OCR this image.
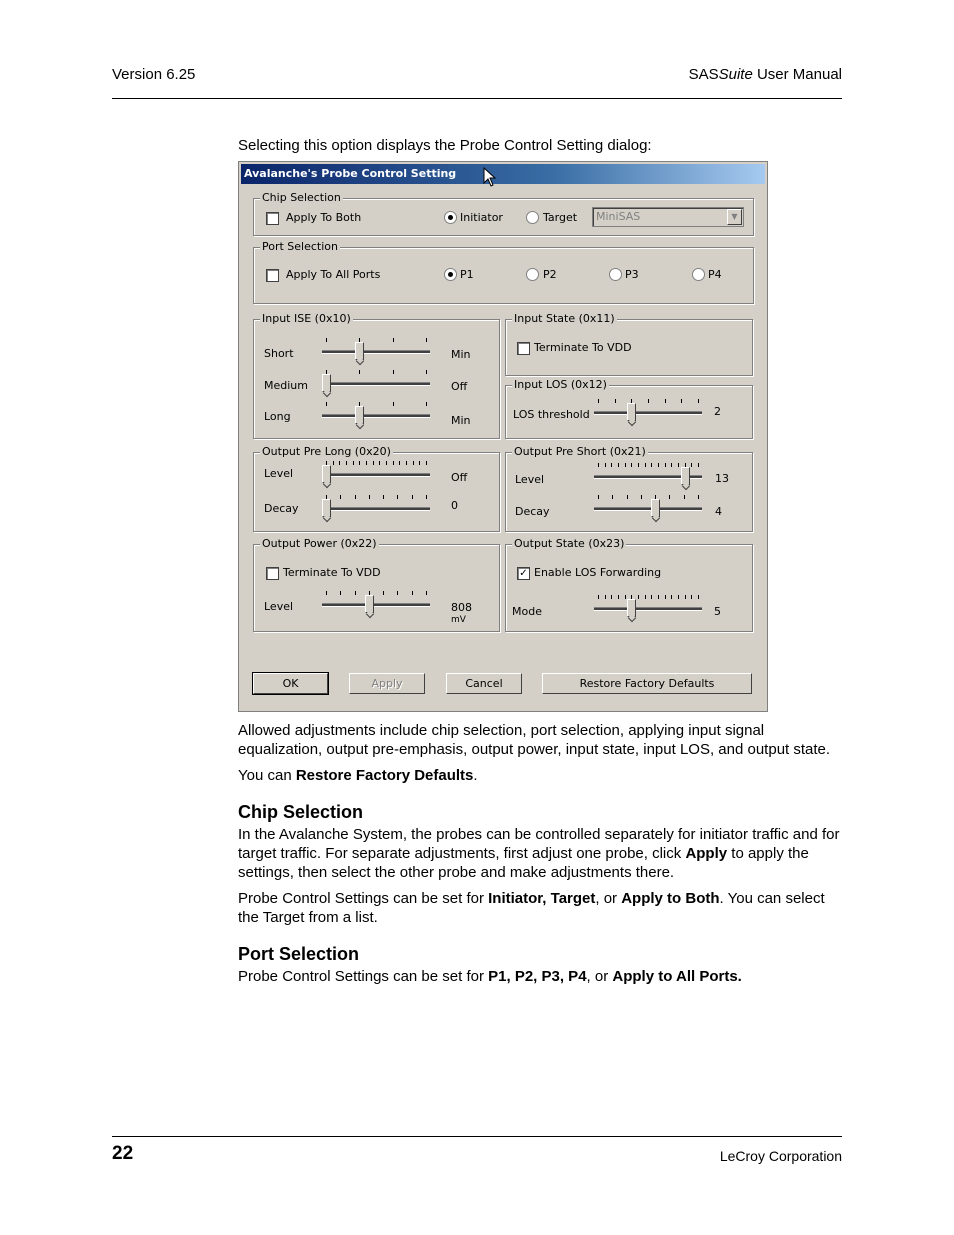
Version 6.25	SASSuite User Manual
Selecting this option displays the Probe Control Setting dialog:
Avalanche's Probe Control Setting
Chip Selection
Apply To Both	Initiator	Target MiniSAS	▼
Port Selection
Apply To All Ports	P1	P2	P3	P4
Input ISE (0x10)
Short	Min
Medium	Off
Long	Min
Input State (0x11)
Terminate To VDD
Input LOS (0x12)
LOS threshold	2
Output Pre Long (0x20)
Level	Off
Decay	0
Output Pre Short (0x21)
Level	13
Decay	4
Output Power (0x22)
Terminate To VDD
Level	808
mV
Output State (0x23)
✓ Enable LOS Forwarding
Mode	5
OK	Apply	Cancel	Restore Factory Defaults
Allowed adjustments include chip selection, port selection, applying input signal equalization, output pre-emphasis, output power, input state, input LOS, and output state.
You can Restore Factory Defaults.
Chip Selection
In the Avalanche System, the probes can be controlled separately for initiator traffic and for target traffic. For separate adjustments, first adjust one probe, click Apply to apply the settings, then select the other probe and make adjustments there.
Probe Control Settings can be set for Initiator, Target, or Apply to Both. You can select the Target from a list.
Port Selection
Probe Control Settings can be set for P1, P2, P3, P4, or Apply to All Ports.
22	LeCroy Corporation
